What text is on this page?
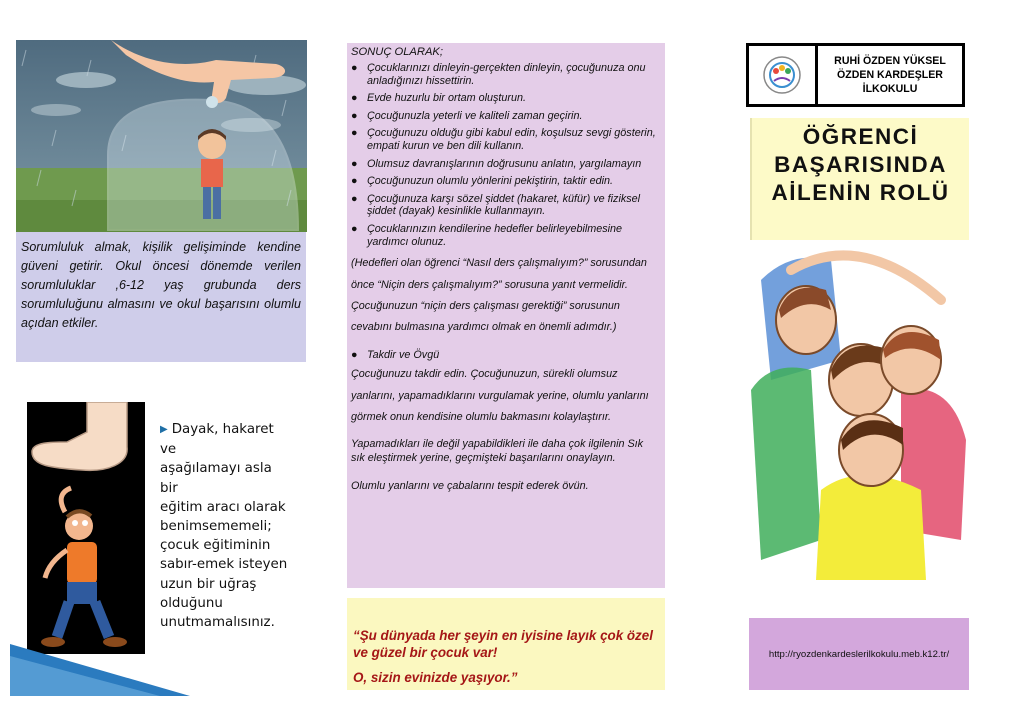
Sorumluluk almak, kişilik gelişiminde kendine güveni getirir. Okul öncesi dönemde verilen sorumluluklar ,6-12 yaş grubunda ders sorumluluğunu almasını ve okul başarısını olumlu açıdan etkiler.
▶ Dayak, hakaret ve
aşağılamayı asla bir
eğitim aracı olarak
benimsememeli;
çocuk eğitiminin
sabır-emek isteyen
uzun bir uğraş
olduğunu
unutmamalısınız.
SONUÇ OLARAK;
● Çocuklarınızı dinleyin-gerçekten dinleyin, çocuğunuza onu anladığınızı hissettirin.
● Evde huzurlu bir ortam oluşturun.
● Çocuğunuzla yeterli ve kaliteli zaman geçirin.
● Çocuğunuzu olduğu gibi kabul edin, koşulsuz sevgi gösterin, empati kurun ve ben dili kullanın.
● Olumsuz davranışlarının doğrusunu anlatın, yargılamayın
● Çocuğunuzun olumlu yönlerini pekiştirin, taktir edin.
● Çocuğunuza karşı sözel şiddet (hakaret, küfür) ve fiziksel şiddet (dayak) kesinlikle kullanmayın.
● Çocuklarınızın kendilerine hedefler belirleyebilmesine yardımcı olunuz.
(Hedefleri olan öğrenci “Nasıl ders çalışmalıyım?” sorusundan önce “Niçin ders çalışmalıyım?” sorusuna yanıt vermelidir. Çocuğunuzun “niçin ders çalışması gerektiği” sorusunun cevabını bulmasına yardımcı olmak en önemli adımdır.)
● Takdir ve Övgü
Çocuğunuzu takdir edin. Çocuğunuzun, sürekli olumsuz yanlarını, yapamadıklarını vurgulamak yerine, olumlu yanlarını görmek onun kendisine olumlu bakmasını kolaylaştırır.
Yapamadıkları ile değil yapabildikleri ile daha çok ilgilenin Sık sık eleştirmek yerine, geçmişteki başarılarını onaylayın.
Olumlu yanlarını ve çabalarını tespit ederek övün.
“Şu dünyada her şeyin en iyisine layık çok özel ve güzel bir çocuk var!
O, sizin evinizde yaşıyor.”
RUHİ ÖZDEN YÜKSEL
ÖZDEN KARDEŞLER
İLKOKULU
ÖĞRENCİ
BAŞARISINDA
AİLENİN ROLÜ
http://ryozdenkardeslerilkokulu.meb.k12.tr/
